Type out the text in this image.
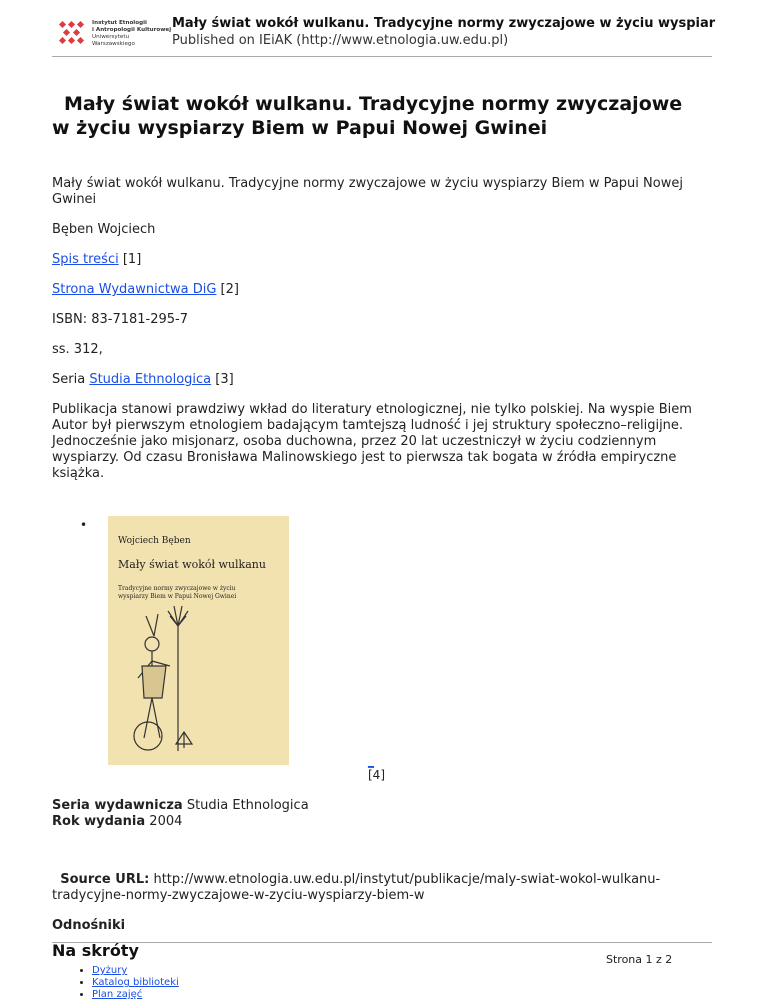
Instytut Etnologii
i Antropologii Kulturowej
Uniwersytetu Warszawskiego
Mały świat wokół wulkanu. Tradycyjne normy zwyczajowe w życiu wyspiar
Published on IEiAK (http://www.etnologia.uw.edu.pl)
Mały świat wokół wulkanu. Tradycyjne normy zwyczajowe w życiu wyspiarzy Biem w Papui Nowej Gwinei

Mały świat wokół wulkanu. Tradycyjne normy zwyczajowe w życiu wyspiarzy Biem w Papui Nowej Gwinei

Bęben Wojciech

Spis treści [1]

Strona Wydawnictwa DiG [2]

ISBN: 83-7181-295-7

ss. 312,

Seria Studia Ethnologica [3]

Publikacja stanowi prawdziwy wkład do literatury etnologicznej, nie tylko polskiej. Na wyspie Biem Autor był pierwszym etnologiem badającym tamtejszą ludność i jej struktury społeczno–religijne. Jednocześnie jako misjonarz, osoba duchowna, przez 20 lat uczestniczył w życiu codziennym wyspiarzy. Od czasu Bronisława Malinowskiego jest to pierwsza tak bogata w źródła empiryczne książka.

•
Wojciech Bęben
Mały świat wokół wulkanu
Tradycyjne normy zwyczajowe w życiu wyspiarzy Biem w Papui Nowej Gwinei
_ [4]
Seria wydawnicza Studia Ethnologica
Rok wydania 2004
Source URL: http://www.etnologia.uw.edu.pl/instytut/publikacje/maly-swiat-wokol-wulkanu-tradycyjne-normy-zwyczajowe-w-zyciu-wyspiarzy-biem-w
Odnośniki
Na skróty
• Dyżury
• Katalog biblioteki
• Plan zajęć
Strona 1 z 2
